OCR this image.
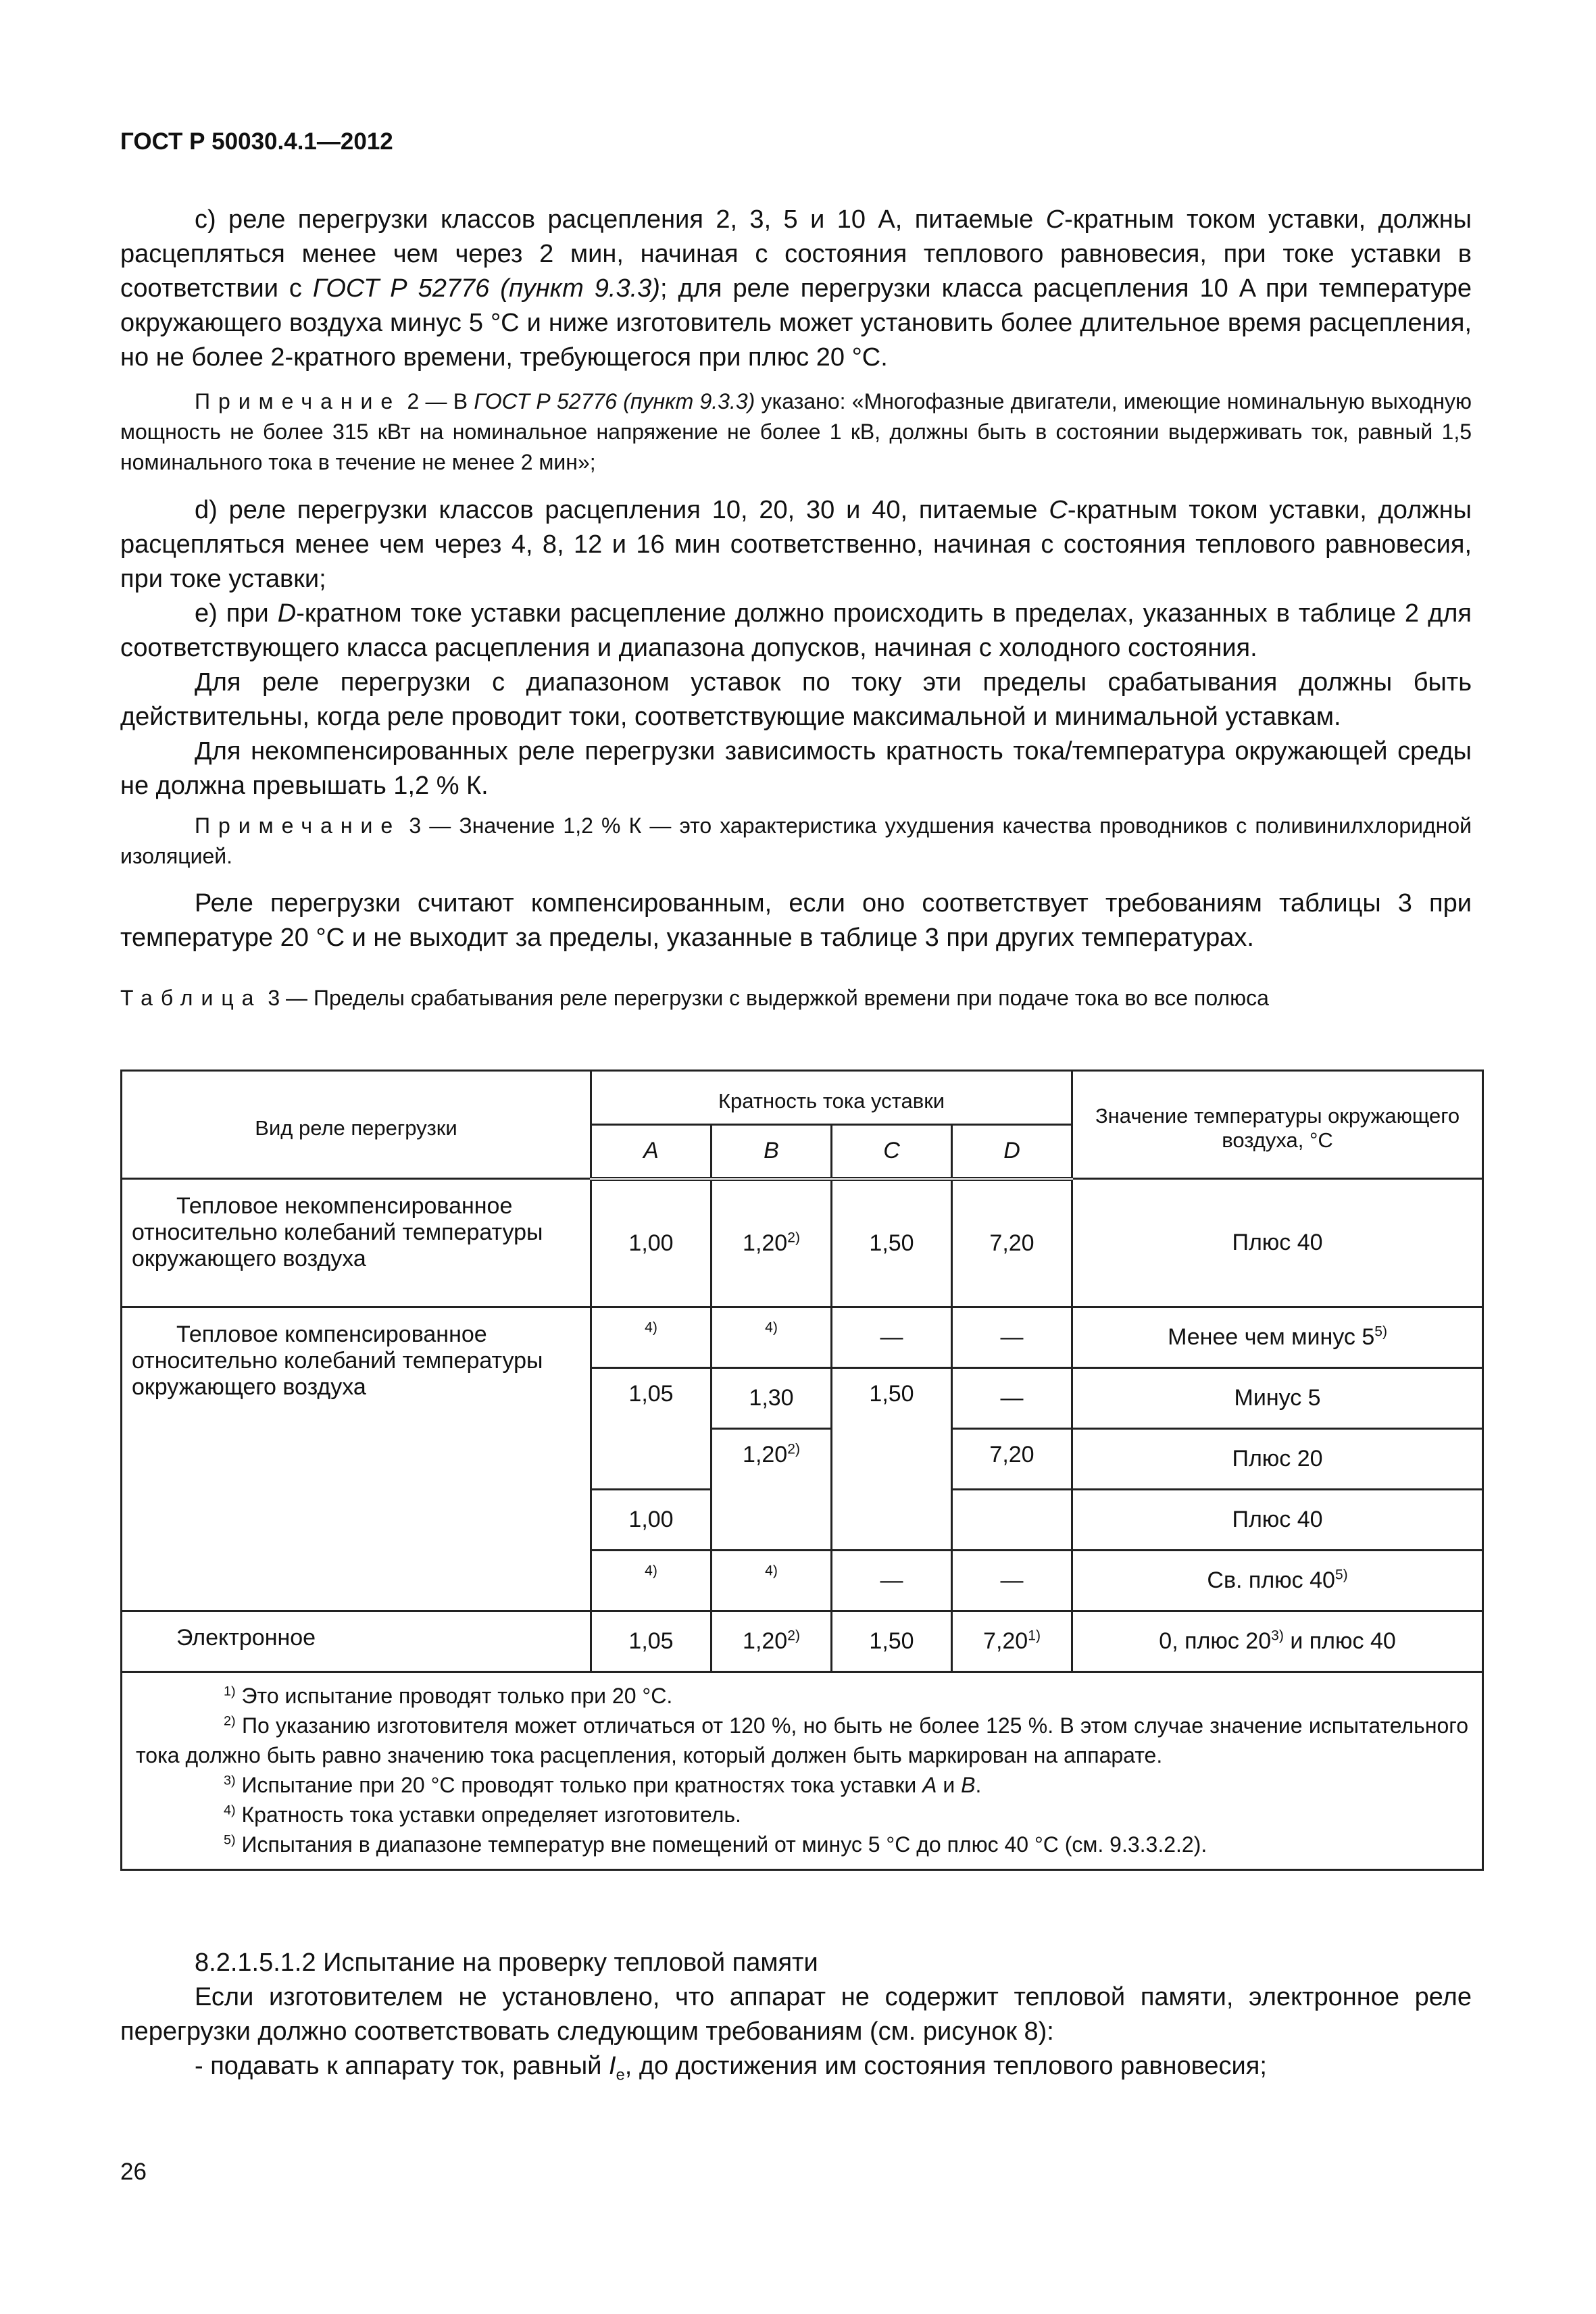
ГОСТ Р 50030.4.1—2012

c) реле перегрузки классов расцепления 2, 3, 5 и 10 A, питаемые C-кратным током уставки, должны расцепляться менее чем через 2 мин, начиная с состояния теплового равновесия, при токе уставки в соответствии с ГОСТ Р 52776 (пункт 9.3.3); для реле перегрузки класса расцепления 10 A при температуре окружающего воздуха минус 5 °C и ниже изготовитель может установить более длительное время расцепления, но не более 2-кратного времени, требующегося при плюс 20 °C.

Примечание 2 — В ГОСТ Р 52776 (пункт 9.3.3) указано: «Многофазные двигатели, имеющие номинальную выходную мощность не более 315 кВт на номинальное напряжение не более 1 кВ, должны быть в состоянии выдерживать ток, равный 1,5 номинального тока в течение не менее 2 мин»;

d) реле перегрузки классов расцепления 10, 20, 30 и 40, питаемые C-кратным током уставки, должны расцепляться менее чем через 4, 8, 12 и 16 мин соответственно, начиная с состояния теплового равновесия, при токе уставки;

e) при D-кратном токе уставки расцепление должно происходить в пределах, указанных в таблице 2 для соответствующего класса расцепления и диапазона допусков, начиная с холодного состояния.

Для реле перегрузки с диапазоном уставок по току эти пределы срабатывания должны быть действительны, когда реле проводит токи, соответствующие максимальной и минимальной уставкам.

Для некомпенсированных реле перегрузки зависимость кратность тока/температура окружающей среды не должна превышать 1,2 % К.

Примечание 3 — Значение 1,2 % К — это характеристика ухудшения качества проводников с поливинилхлоридной изоляцией.

Реле перегрузки считают компенсированным, если оно соответствует требованиям таблицы 3 при температуре 20 °C и не выходит за пределы, указанные в таблице 3 при других температурах.

Таблица 3 — Пределы срабатывания реле перегрузки с выдержкой времени при подаче тока во все полюса
Вид реле перегрузки	Кратность тока уставки				Значение температуры окружающего воздуха, °C
	A	B	C	D	
Тепловое некомпенсированное относительно колебаний температуры окружающего воздуха	1,00	1,20$^{2)}$	1,50	7,20	Плюс 40
Тепловое компенсированное относительно колебаний температуры окружающего воздуха	$^{4)}$	$^{4)}$	—	—	Менее чем минус 5$^{5)}$
	1,05	1,30	1,50	—	Минус 5
		1,20$^{2)}$		7,20	Плюс 20
	1,00				Плюс 40
	$^{4)}$	$^{4)}$	—	—	Св. плюс 40$^{5)}$
Электронное	1,05	1,20$^{2)}$	1,50	7,20$^{1)}$	0, плюс 20$^{3)}$ и плюс 40

$^{1)}$ Это испытание проводят только при 20 °C.
$^{2)}$ По указанию изготовителя может отличаться от 120 %, но быть не более 125 %. В этом случае значение испытательного тока должно быть равно значению тока расцепления, который должен быть маркирован на аппарате.
$^{3)}$ Испытание при 20 °C проводят только при кратностях тока уставки A и B.
$^{4)}$ Кратность тока уставки определяет изготовитель.
$^{5)}$ Испытания в диапазоне температур вне помещений от минус 5 °C до плюс 40 °C (см. 9.3.3.2.2).					

8.2.1.5.1.2 Испытание на проверку тепловой памяти

Если изготовителем не установлено, что аппарат не содержит тепловой памяти, электронное реле перегрузки должно соответствовать следующим требованиям (см. рисунок 8):

- подавать к аппарату ток, равный $I_e$, до достижения им состояния теплового равновесия;

26
